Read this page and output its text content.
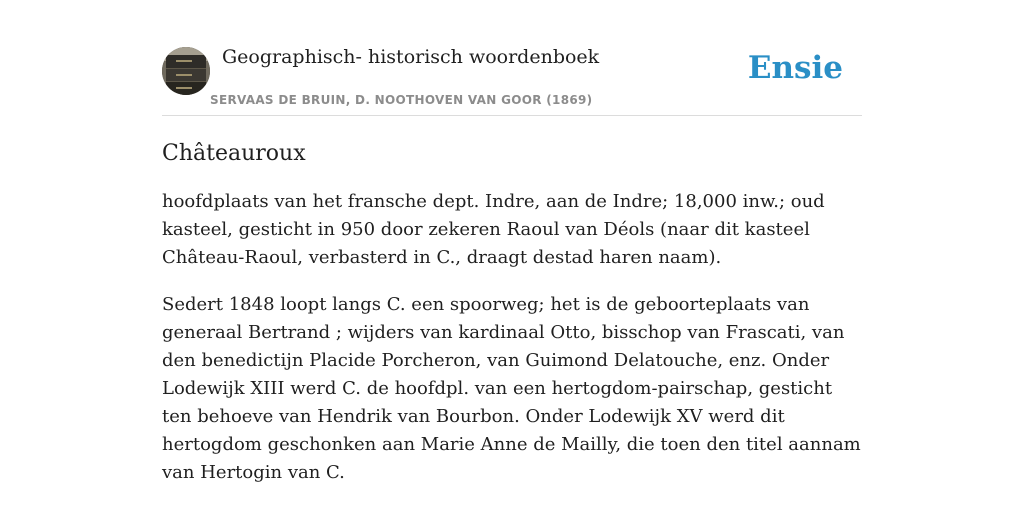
Geographisch- historisch woordenboek
SERVAAS DE BRUIN, D. NOOTHOVEN VAN GOOR (1869)
Ensie
Châteauroux

hoofdplaats van het fransche dept. Indre, aan de Indre; 18,000 inw.; oud kasteel, gesticht in 950 door zekeren Raoul van Déols (naar dit kasteel Château-Raoul, verbasterd in C., draagt destad haren naam).

Sedert 1848 loopt langs C. een spoorweg; het is de geboorteplaats van generaal Bertrand ; wijders van kardinaal Otto, bisschop van Frascati, van den benedictijn Placide Porcheron, van Guimond Delatouche, enz. Onder Lodewijk XIII werd C. de hoofdpl. van een hertogdom-pairschap, gesticht ten behoeve van Hendrik van Bourbon. Onder Lodewijk XV werd dit hertogdom geschonken aan Marie Anne de Mailly, die toen den titel aannam van Hertogin van C.
